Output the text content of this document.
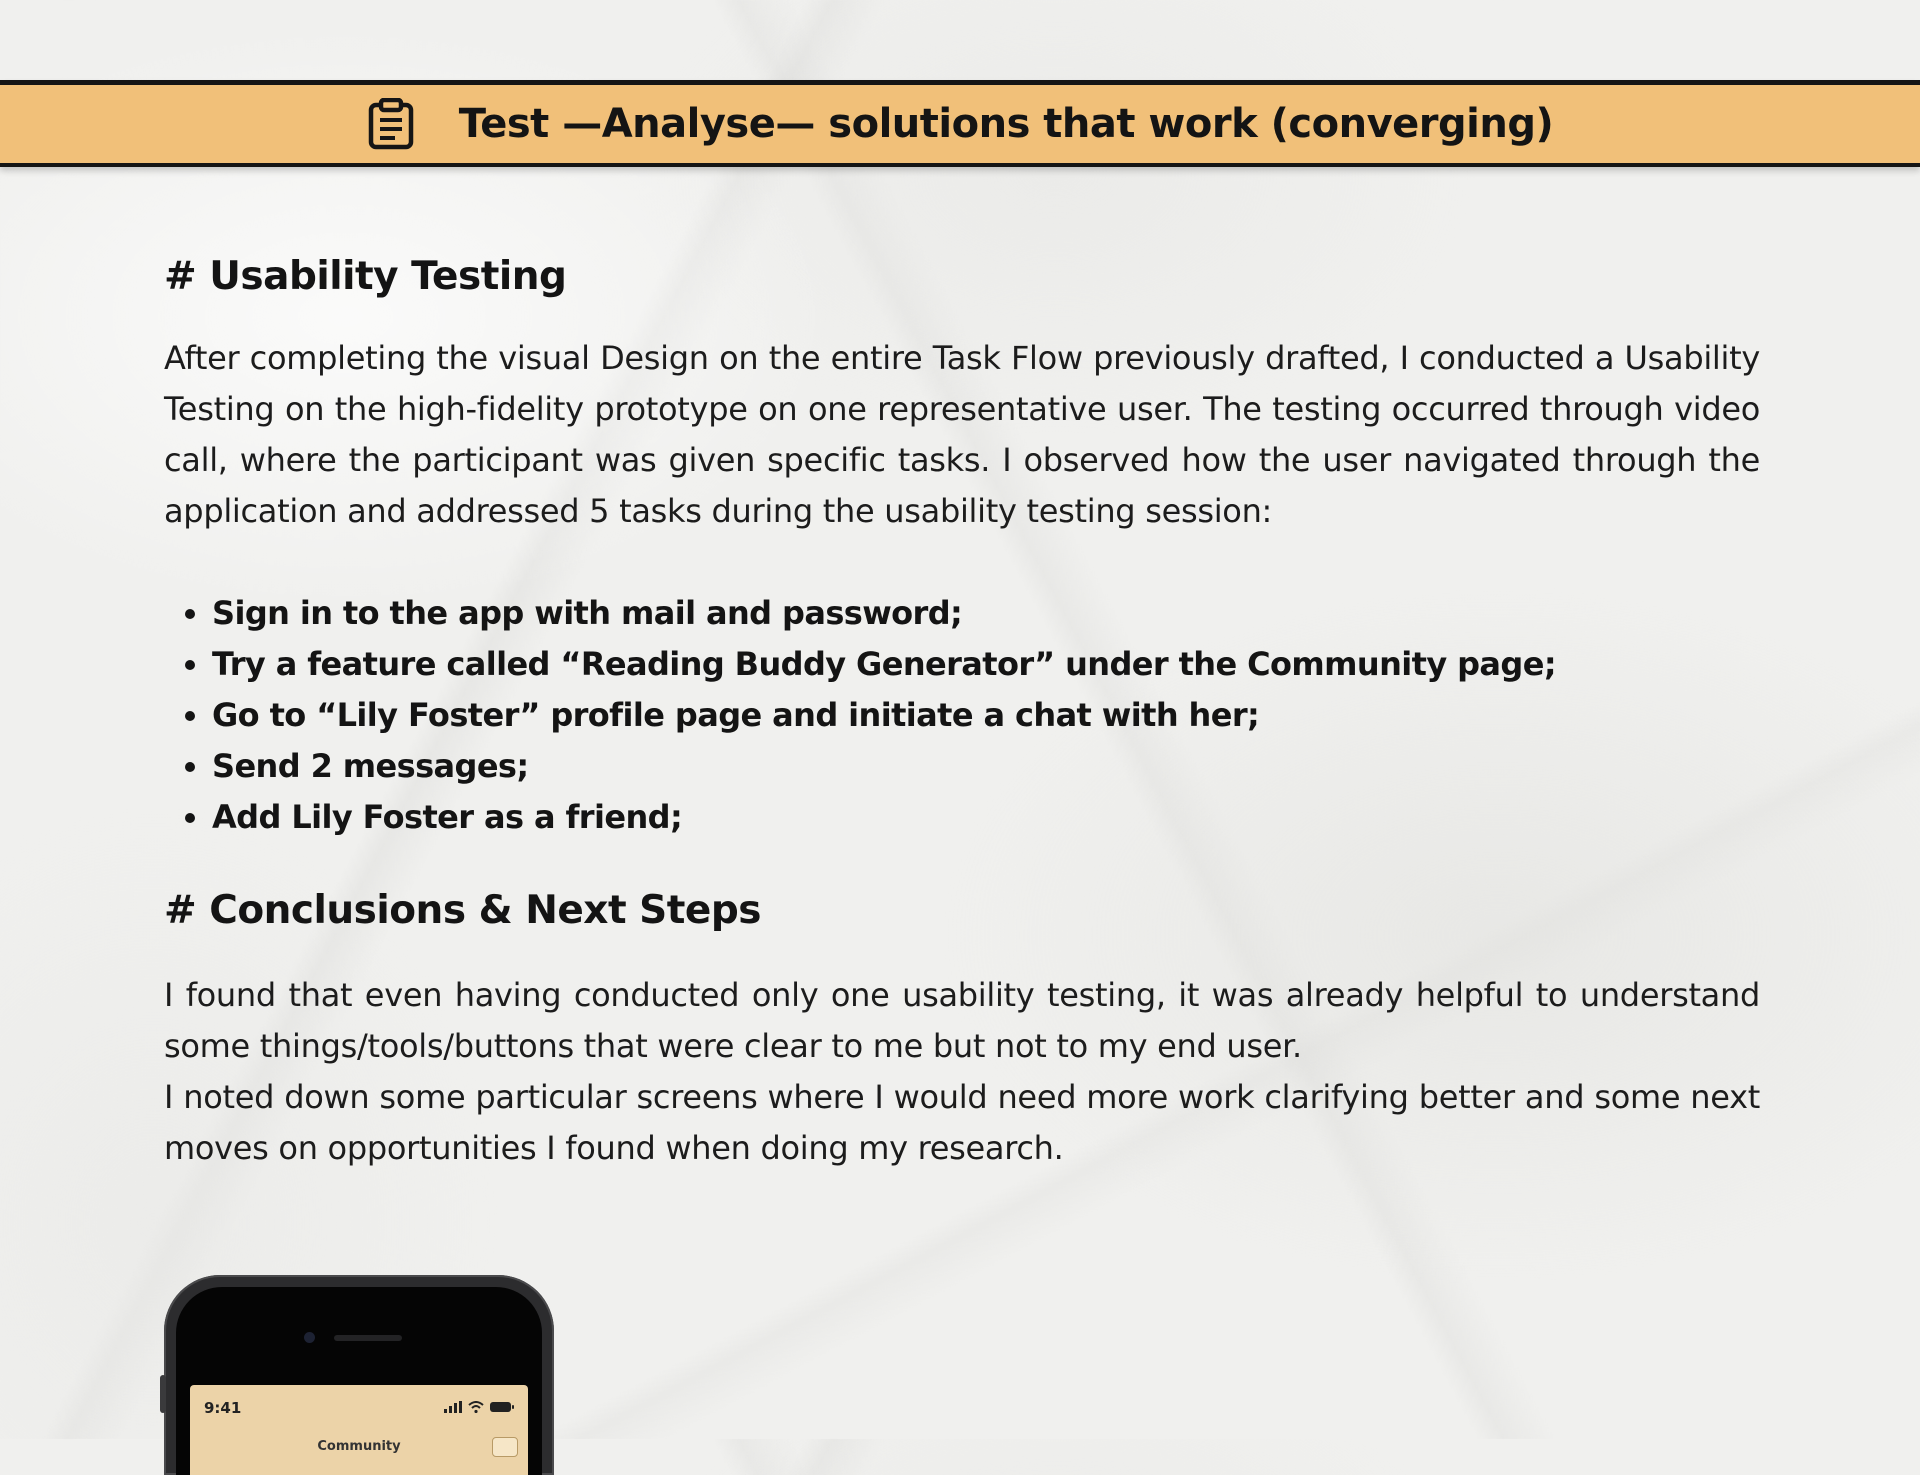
Test —Analyse— solutions that work (converging)
# Usability Testing

After completing the visual Design on the entire Task Flow previously drafted, I conducted a Usability Testing on the high-fidelity prototype on one representative user. The testing occurred through video call, where the participant was given specific tasks. I observed how the user navigated through the application and addressed 5 tasks during the usability testing session:

• Sign in to the app with mail and password;
• Try a feature called “Reading Buddy Generator” under the Community page;
• Go to “Lily Foster” profile page and initiate a chat with her;
• Send 2 messages;
• Add Lily Foster as a friend;
# Conclusions & Next Steps

I found that even having conducted only one usability testing, it was already helpful to understand some things/tools/buttons that were clear to me but not to my end user.

I noted down some particular screens where I would need more work clarifying better and some next moves on opportunities I found when doing my research.

9:41
Community
